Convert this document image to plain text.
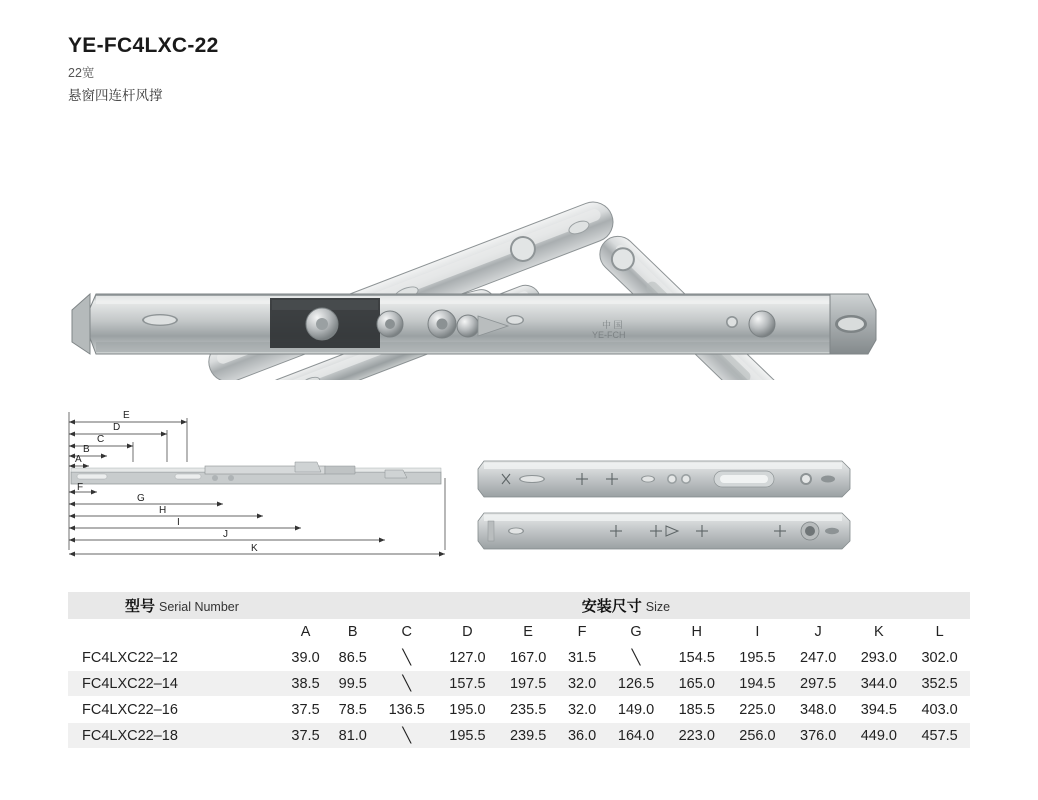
YE-FC4LXC-22
22宽
悬窗四连杆风撑
中 国
YE-FCH
E
D
C
B
A
F
G
H
I
J
K
型号 Serial Number	安装尺寸 Size											
	A	B	C	D	E	F	G	H	I	J	K	L
FC4LXC22–12	39.0	86.5	╲	127.0	167.0	31.5	╲	154.5	195.5	247.0	293.0	302.0
FC4LXC22–14	38.5	99.5	╲	157.5	197.5	32.0	126.5	165.0	194.5	297.5	344.0	352.5
FC4LXC22–16	37.5	78.5	136.5	195.0	235.5	32.0	149.0	185.5	225.0	348.0	394.5	403.0
FC4LXC22–18	37.5	81.0	╲	195.5	239.5	36.0	164.0	223.0	256.0	376.0	449.0	457.5
